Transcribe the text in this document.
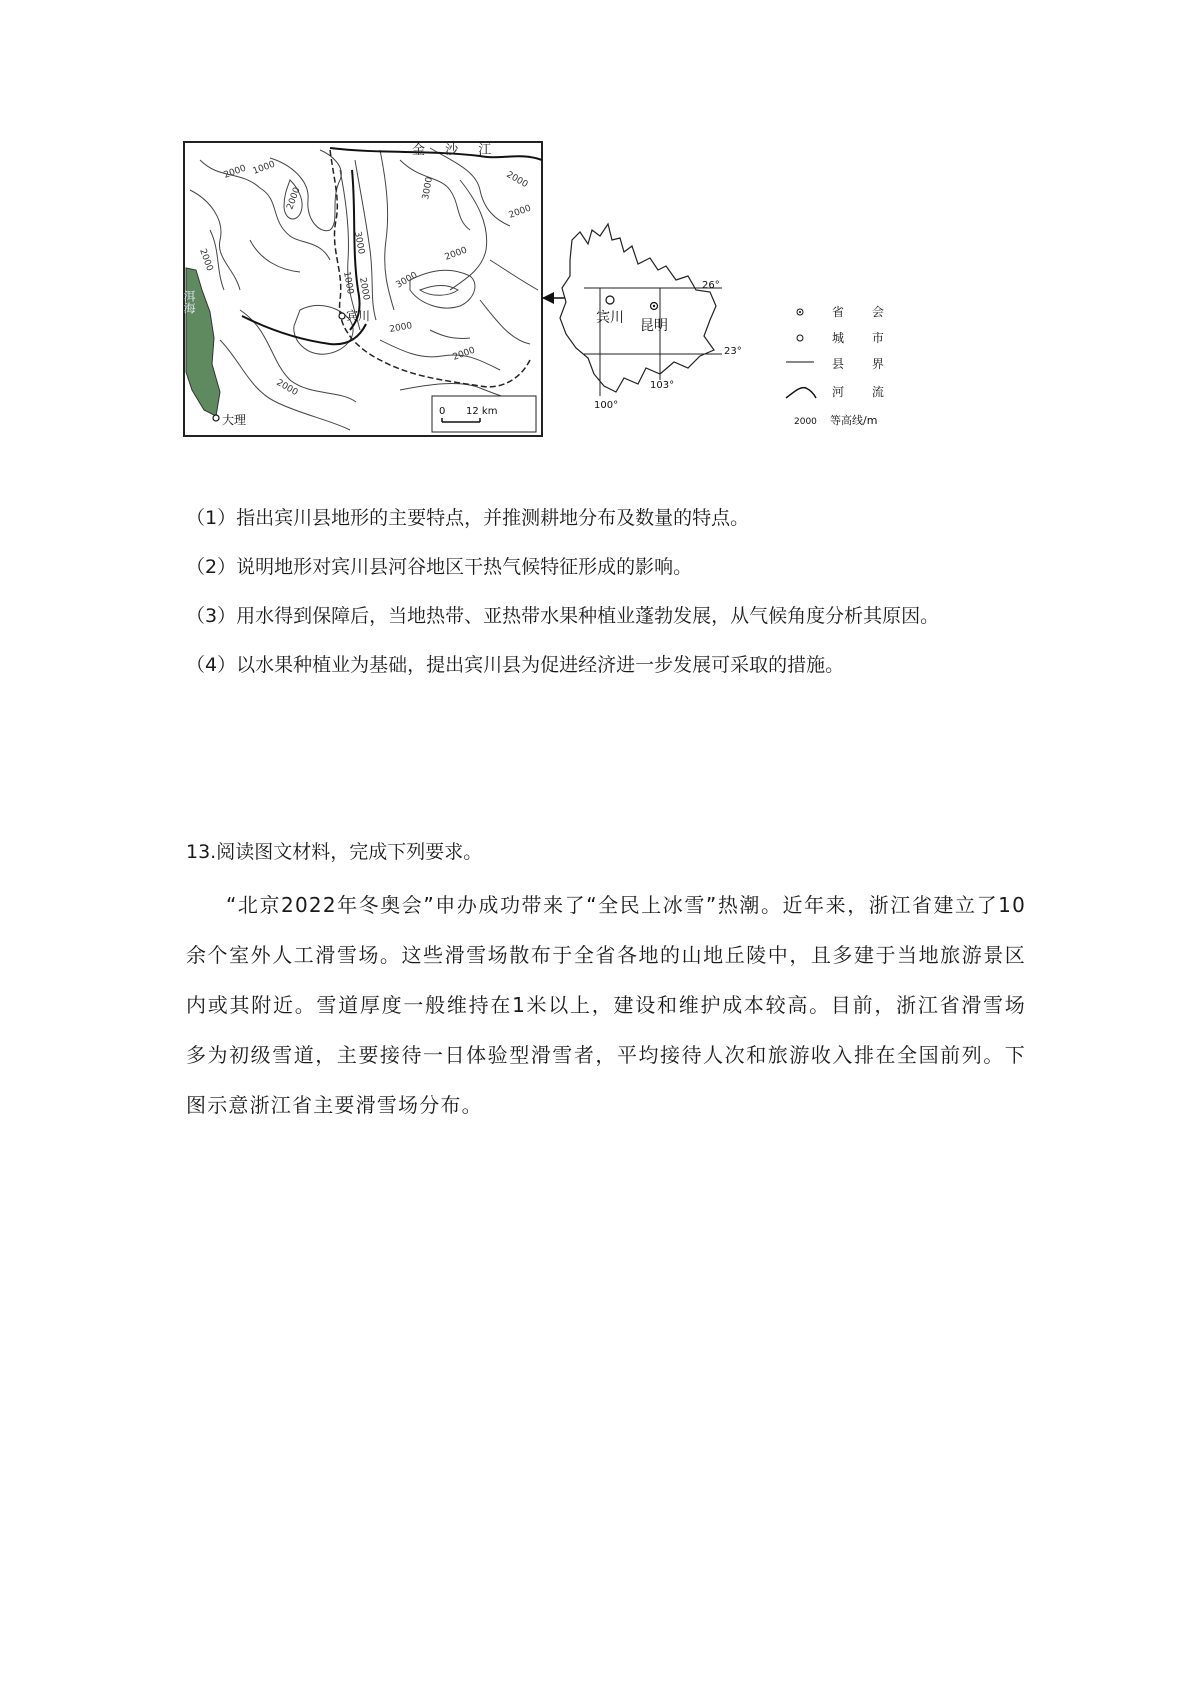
金 沙 江
2000 1000
2000	3000	2000
2000
3000
1000 2000	3000
2000
2000
2000
2000
2000
洱海
宾川
大理
0 12 km
26°
23°
100°
103°
宾川 昆明
省 会
城 市
县 界
河 流
2000 等高线/m
（1）指出宾川县地形的主要特点，并推测耕地分布及数量的特点。
（2）说明地形对宾川县河谷地区干热气候特征形成的影响。
（3）用水得到保障后，当地热带、亚热带水果种植业蓬勃发展，从气候角度分析其原因。
（4）以水果种植业为基础，提出宾川县为促进经济进一步发展可采取的措施。
13.阅读图文材料，完成下列要求。
“北京2022年冬奥会”申办成功带来了“全民上冰雪”热潮。近年来，浙江省建立了10余个室外人工滑雪场。这些滑雪场散布于全省各地的山地丘陵中，且多建于当地旅游景区内或其附近。雪道厚度一般维持在1米以上，建设和维护成本较高。目前，浙江省滑雪场多为初级雪道，主要接待一日体验型滑雪者，平均接待人次和旅游收入排在全国前列。下图示意浙江省主要滑雪场分布。
